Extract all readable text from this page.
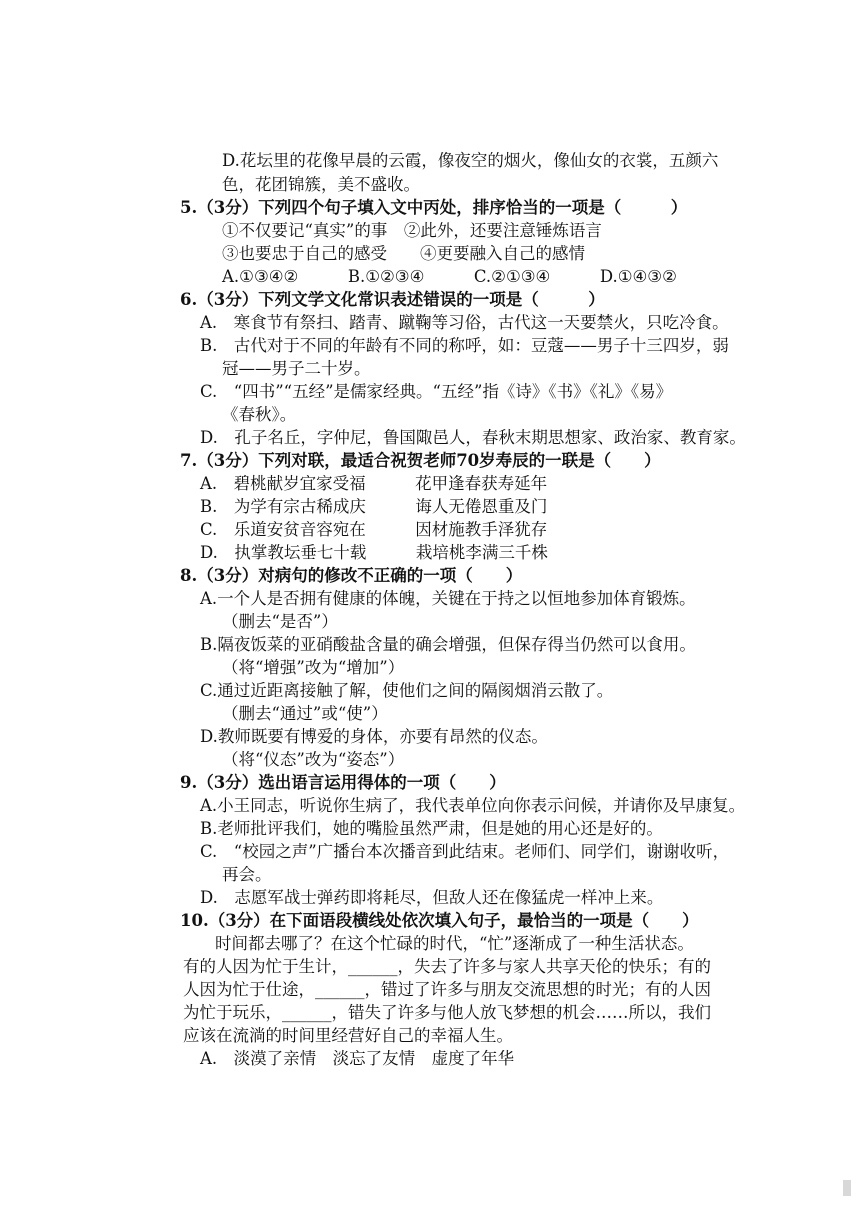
D.花坛里的花像早晨的云霞，像夜空的烟火，像仙女的衣裳，五颜六
色，花团锦簇，美不盛收。
5.（3分）下列四个句子填入文中丙处，排序恰当的一项是（　　　）
①不仅要记“真实”的事　②此外，还要注意锤炼语言
③也要忠于自己的感受　　④更要融入自己的感情
A.①③④②　　　B.①②③④　　　C.②①③④　　　D.①④③②
6.（3分）下列文学文化常识表述错误的一项是（　　　）
A.　寒食节有祭扫、踏青、蹴鞠等习俗，古代这一天要禁火，只吃冷食。
B.　古代对于不同的年龄有不同的称呼，如：豆蔻——男子十三四岁，弱
冠——男子二十岁。
C.　“四书”“五经”是儒家经典。“五经”指《诗》《书》《礼》《易》
《春秋》。
D.　孔子名丘，字仲尼，鲁国陬邑人，春秋末期思想家、政治家、教育家。
7.（3分）下列对联，最适合祝贺老师70岁寿辰的一联是（　　）
A.　碧桃献岁宜家受福　　　花甲逢春获寿延年
B.　为学有宗古稀成庆　　　诲人无倦恩重及门
C.　乐道安贫音容宛在　　　因材施教手泽犹存
D.　执掌教坛垂七十载　　　栽培桃李满三千株
8.（3分）对病句的修改不正确的一项（　　）
A.一个人是否拥有健康的体魄，关键在于持之以恒地参加体育锻炼。
（删去“是否”）
B.隔夜饭菜的亚硝酸盐含量的确会增强，但保存得当仍然可以食用。
（将“增强”改为“增加”）
C.通过近距离接触了解，使他们之间的隔阂烟消云散了。
（删去“通过”或“使”）
D.教师既要有博爱的身体，亦要有昂然的仪态。
（将“仪态”改为“姿态”）
9.（3分）选出语言运用得体的一项（　　）
A.小王同志，听说你生病了，我代表单位向你表示问候，并请你及早康复。
B.老师批评我们，她的嘴脸虽然严肃，但是她的用心还是好的。
C.　“校园之声”广播台本次播音到此结束。老师们、同学们，谢谢收听，
再会。
D.　志愿军战士弹药即将耗尽，但敌人还在像猛虎一样冲上来。
10.（3分）在下面语段横线处依次填入句子，最恰当的一项是（　　）
时间都去哪了？在这个忙碌的时代，“忙”逐渐成了一种生活状态。
有的人因为忙于生计，______，失去了许多与家人共享天伦的快乐；有的
人因为忙于仕途，______，错过了许多与朋友交流思想的时光；有的人因
为忙于玩乐，______，错失了许多与他人放飞梦想的机会……所以，我们
应该在流淌的时间里经营好自己的幸福人生。
A.　淡漠了亲情　淡忘了友情　虚度了年华
